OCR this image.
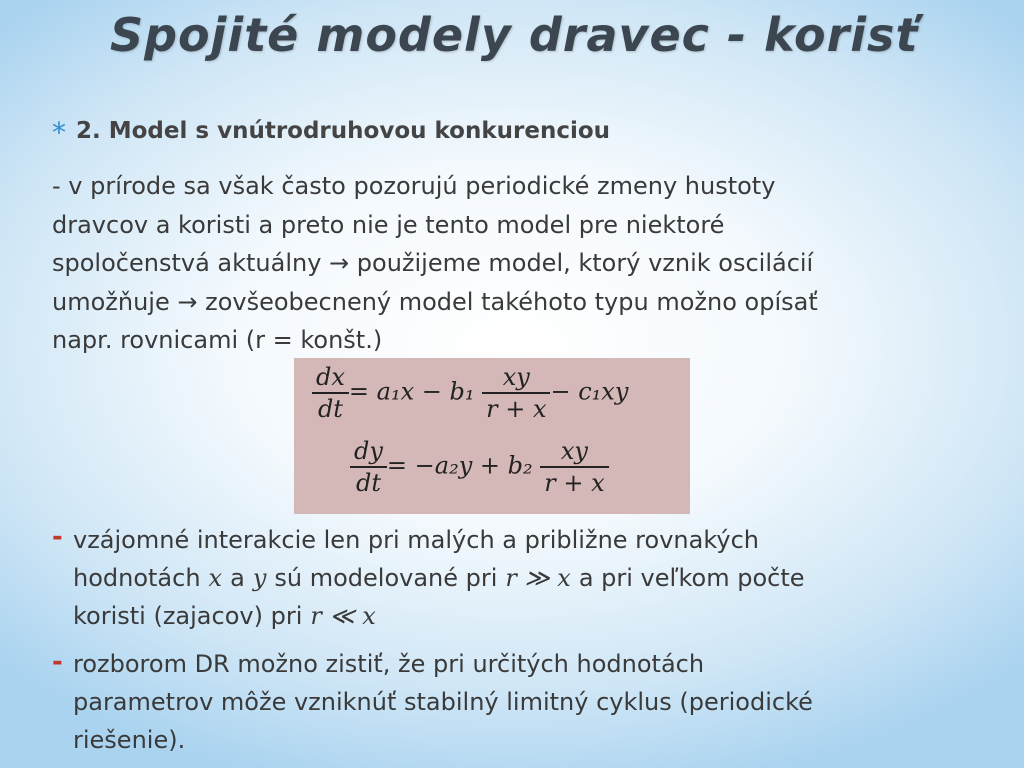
Spojité modely dravec - korisť
* 2. Model s vnútrodruhovou konkurenciou
- v prírode sa však často pozorujú periodické zmeny hustoty
dravcov a koristi a preto nie je tento model pre niektoré
spoločenstvá aktuálny → použijeme model, ktorý vznik oscilácií
umožňuje → zovšeobecnený model takéhoto typu možno opísať
napr. rovnicami (r = konšt.)
$\frac{dx}{dt} = a_1x - b_1 \frac{xy}{r + x} - c_1xy$
$\frac{dy}{dt} = -a_2y + b_2 \frac{xy}{r + x}$
- vzájomné interakcie len pri malých a približne rovnakých
hodnotách x a y sú modelované pri r ≫ x a pri veľkom počte
koristi (zajacov) pri r ≪ x
- rozborom DR možno zistiť, že pri určitých hodnotách
parametrov môže vzniknúť stabilný limitný cyklus (periodické
riešenie).
